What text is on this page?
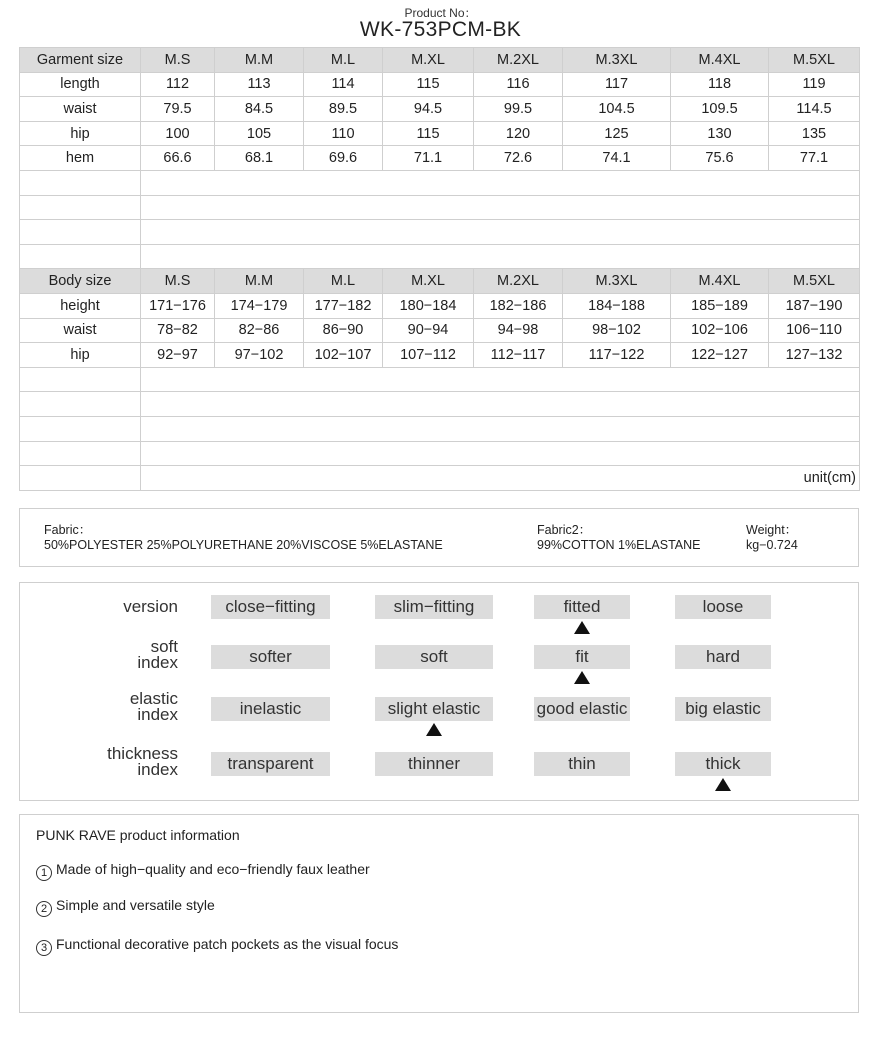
Product No：
WK-753PCM-BK
Garment size	M.S	M.M	M.L	M.XL	M.2XL	M.3XL	M.4XL	M.5XL
length	112	113	114	115	116	117	118	119
waist	79.5	84.5	89.5	94.5	99.5	104.5	109.5	114.5
hip	100	105	110	115	120	125	130	135
hem	66.6	68.1	69.6	71.1	72.6	74.1	75.6	77.1

Body size	M.S	M.M	M.L	M.XL	M.2XL	M.3XL	M.4XL	M.5XL
height	171−176	174−179	177−182	180−184	182−186	184−188	185−189	187−190
waist	78−82	82−86	86−90	90−94	94−98	98−102	102−106	106−110
hip	92−97	97−102	102−107	107−112	112−117	117−122	122−127	127−132

	unit(cm)							
Fabric：
50%POLYESTER 25%POLYURETHANE 20%VISCOSE 5%ELASTANE
Fabric2：
99%COTTON 1%ELASTANE
Weight：
kg−0.724
version	close−fitting	slim−fitting	fitted	loose
soft
index	softer	soft	fit	hard
elastic
index	inelastic	slight elastic	good elastic	big elastic
thickness
index	transparent	thinner	thin	thick
PUNK RAVE product information
1 Made of high−quality and eco−friendly faux leather
2 Simple and versatile style
3 Functional decorative patch pockets as the visual focus
